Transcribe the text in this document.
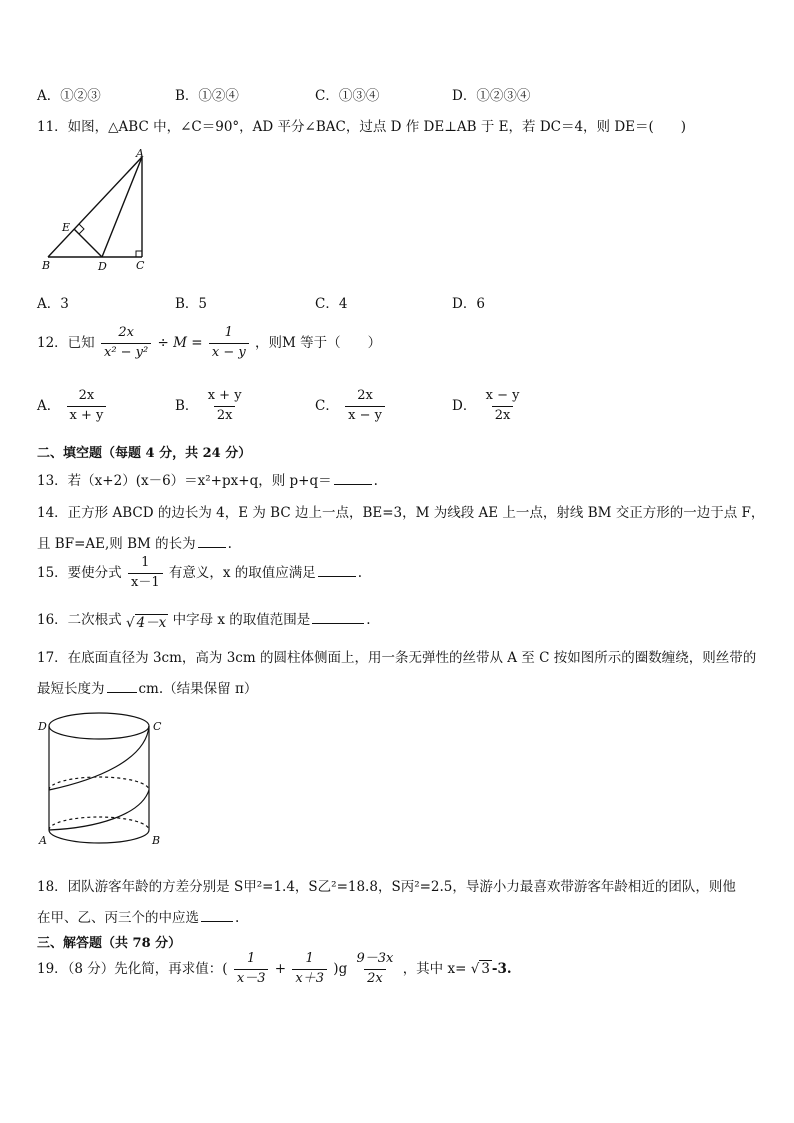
A．①②③	B．①②④	C．①③④	D．①②③④
11．如图，△ABC 中，∠C＝90°，AD 平分∠BAC，过点 D 作 DE⊥AB 于 E，若 DC＝4，则 DE＝(　　)
A
B	C
D
E
A．3	B．5	C．4	D．6
12．已知 $\frac{2x}{\text{x² − y²}} \div M = \frac{1}{x - y}$ ，则M 等于（　　）
A． $\frac{2x}{x + y}$	B． $\frac{x + y}{2x}$	C． $\frac{2x}{x - y}$	D． $\frac{x - y}{2x}$
二、填空题（每题 4 分，共 24 分）
13．若（x+2）(x－6）＝x²+px+q，则 p+q＝	.
14．正方形 ABCD 的边长为 4，E 为 BC 边上一点，BE=3，M 为线段 AE 上一点，射线 BM 交正方形的一边于点 F，
且 BF=AE,则 BM 的长为 .
15．要使分式 $\frac{1}{x-1}$ 有意义，x 的取值应满足	.
16．二次根式 √ 4－x 中字母 x 的取值范围是	.
17．在底面直径为 3cm，高为 3cm 的圆柱体侧面上，用一条无弹性的丝带从 A 至 C 按如图所示的圈数缠绕，则丝带的
最短长度为	cm.（结果保留 π）
D	C
A	B
18．团队游客年龄的方差分别是 S甲²=1.4，S乙²=18.8，S丙²=2.5，导游小力最喜欢带游客年龄相近的团队，则他
在甲、乙、丙三个的中应选	.
三、解答题（共 78 分）
19．（8 分）先化简，再求值：( $\frac{1}{x-3} + \frac{1}{x+3} )g \frac{9-3x}{2x}$ ，其中 x= √ 3 -3.
